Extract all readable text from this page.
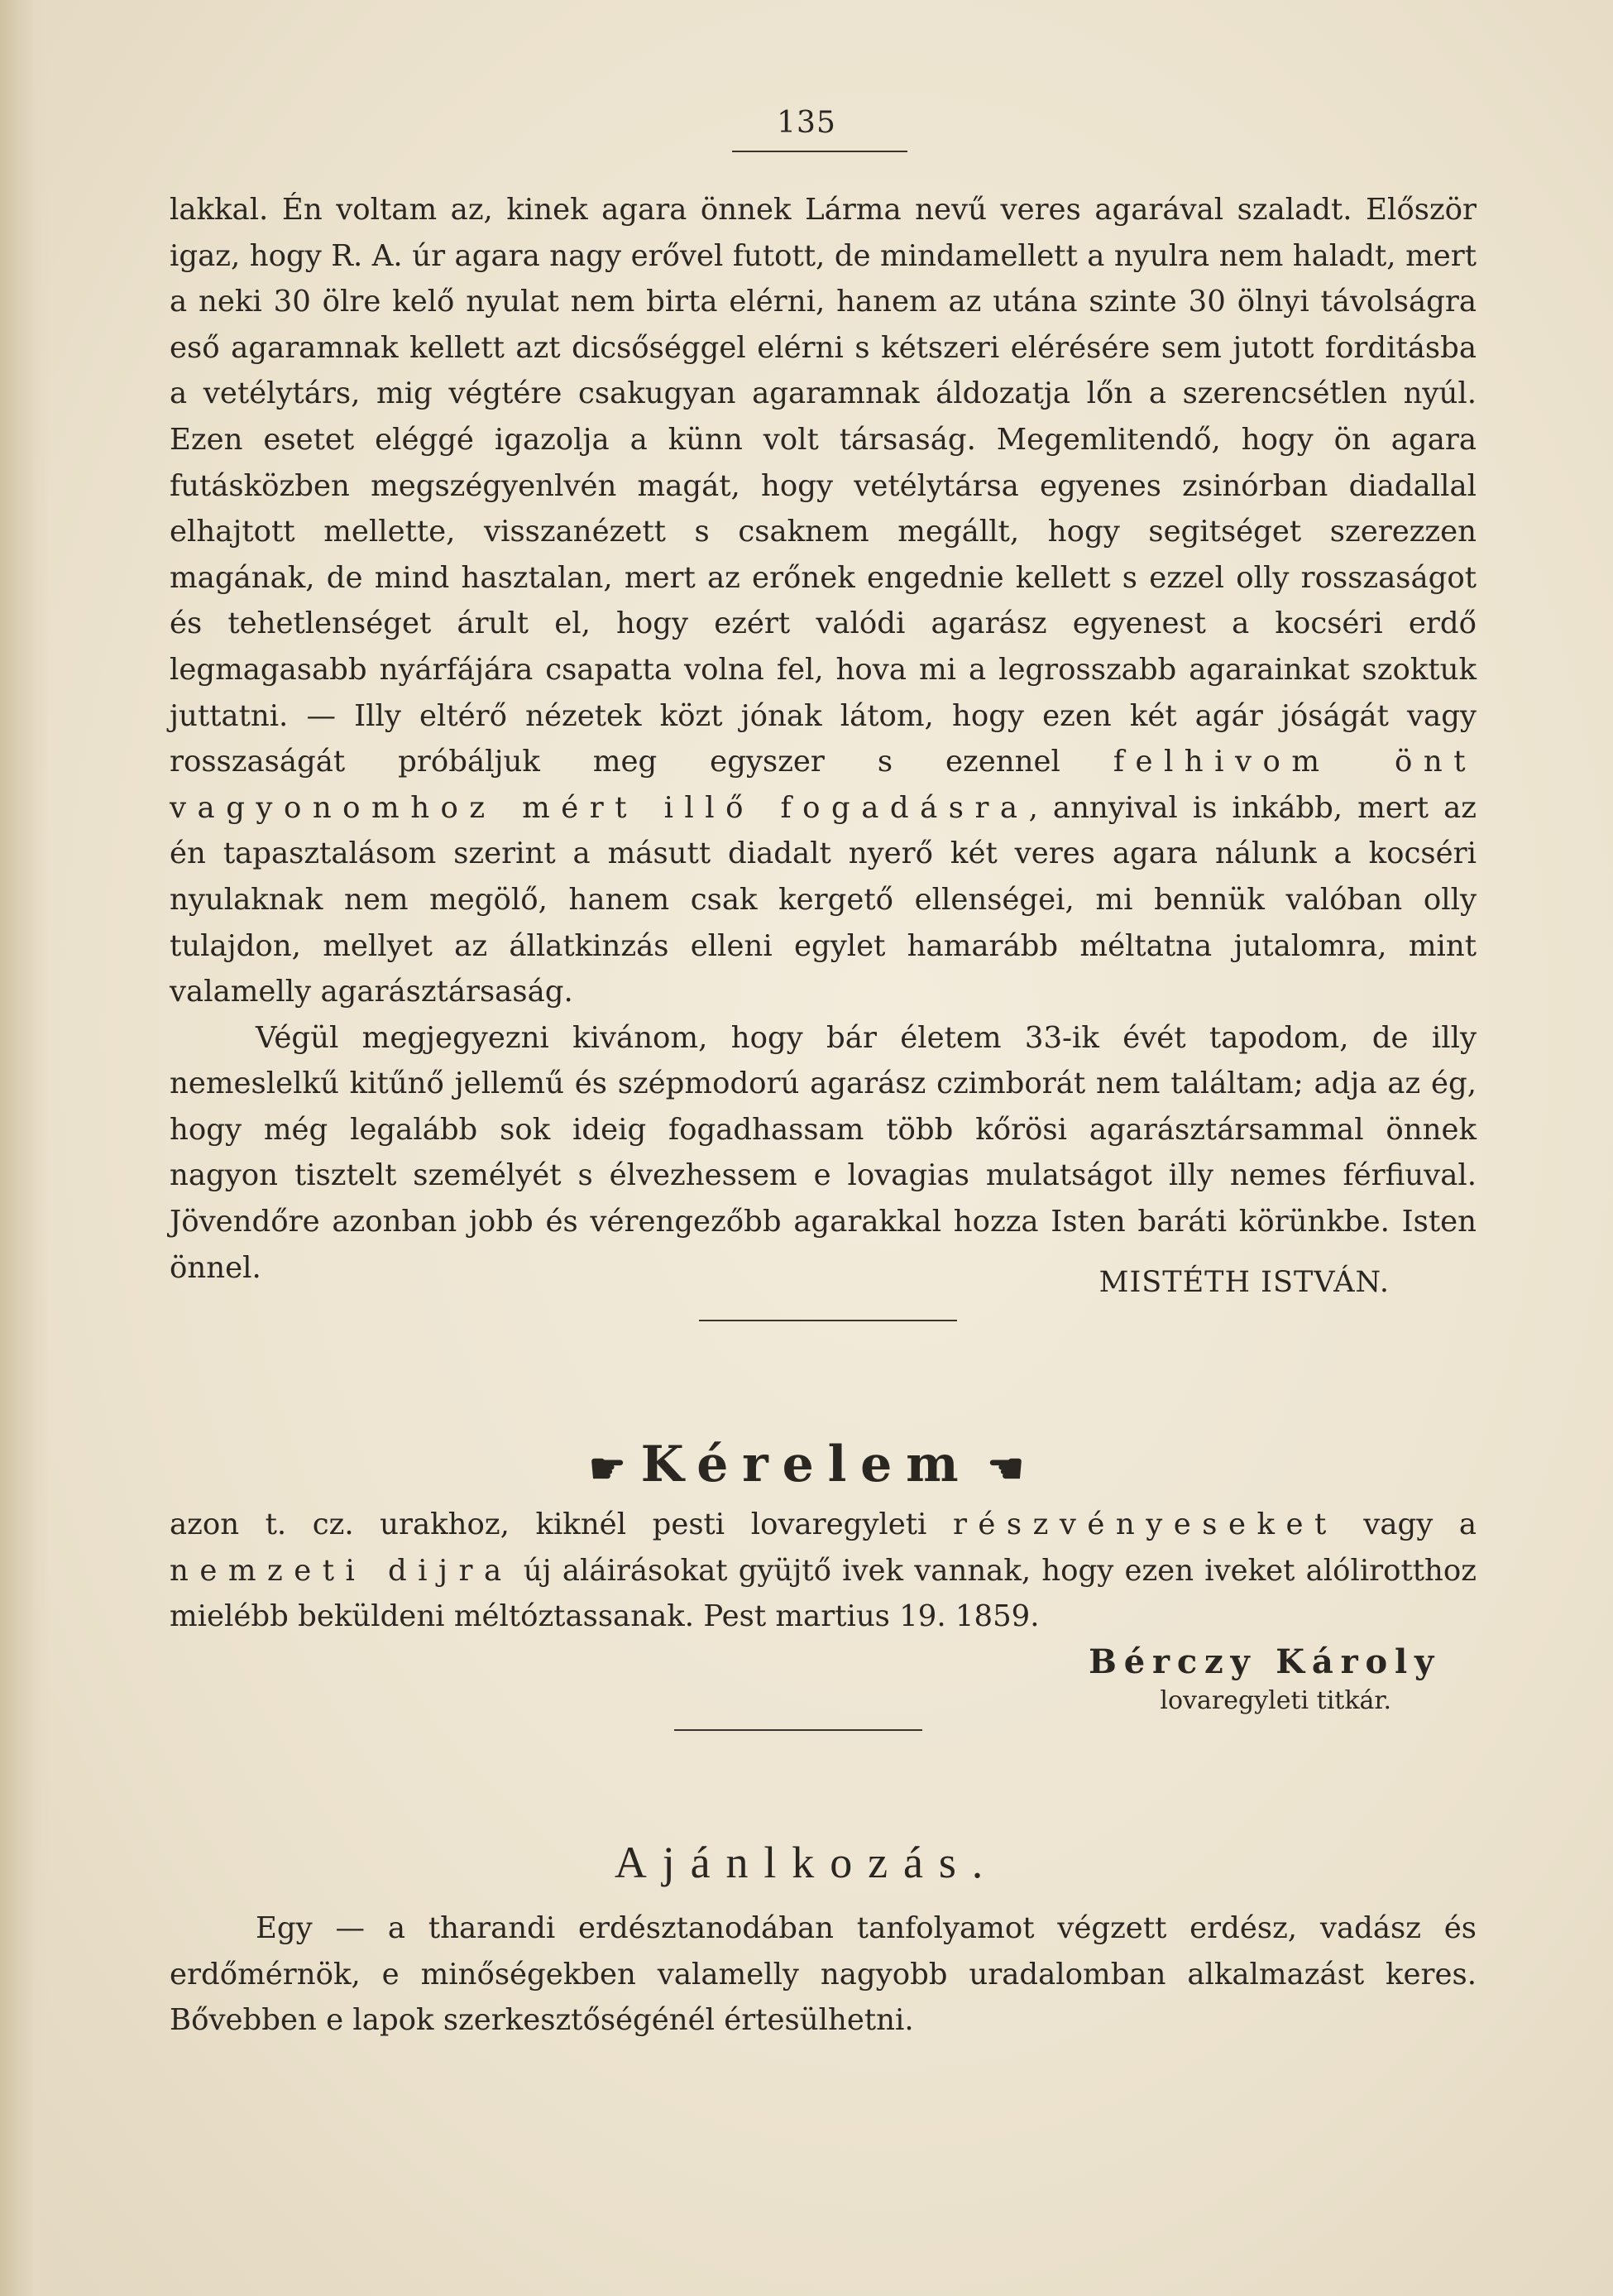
135

lakkal. Én voltam az, kinek agara önnek Lárma nevű veres agarával szaladt. Először igaz, hogy R. A. úr agara nagy erővel futott, de mindamellett a nyulra nem haladt, mert a neki 30 ölre kelő nyulat nem birta elérni, hanem az utána szinte 30 ölnyi távolságra eső agaramnak kellett azt dicsőséggel elérni s kétszeri elérésére sem jutott forditásba a vetélytárs, mig végtére csakugyan agaramnak áldozatja lőn a szerencsétlen nyúl. Ezen esetet eléggé igazolja a künn volt társaság. Megemlitendő, hogy ön agara futásközben megszégyenlvén magát, hogy vetélytársa egyenes zsinórban diadallal elhajtott mellette, visszanézett s csaknem megállt, hogy segitséget szerezzen magának, de mind hasztalan, mert az erőnek engednie kellett s ezzel olly rosszaságot és tehetlenséget árult el, hogy ezért valódi agarász egyenest a kocséri erdő legmagasabb nyárfájára csapatta volna fel, hova mi a legrosszabb agarainkat szoktuk juttatni. — Illy eltérő nézetek közt jónak látom, hogy ezen két agár jóságát vagy rosszaságát próbáljuk meg egyszer s ezennel felhivom önt vagyonomhoz mért illő fogadásra, annyival is inkább, mert az én tapasztalásom szerint a másutt diadalt nyerő két veres agara nálunk a kocséri nyulaknak nem megölő, hanem csak kergető ellenségei, mi bennük valóban olly tulajdon, mellyet az állatkinzás elleni egylet hamarább méltatna jutalomra, mint valamelly agarásztársaság.

Végül megjegyezni kivánom, hogy bár életem 33-ik évét tapodom, de illy nemeslelkű kitűnő jellemű és szépmodorú agarász czimborát nem találtam; adja az ég, hogy még legalább sok ideig fogadhassam több kőrösi agarásztársammal önnek nagyon tisztelt személyét s élvezhessem e lovagias mulatságot illy nemes férfiuval. Jövendőre azonban jobb és vérengezőbb agarakkal hozza Isten baráti körünkbe. Isten önnel.	MISTÉTH ISTVÁN.
☛ Kérelem ☚

azon t. cz. urakhoz, kiknél pesti lovaregyleti részvényeseket vagy a nemzeti dijra új aláirásokat gyüjtő ivek vannak, hogy ezen iveket alólirotthoz mielébb beküldeni méltóztassanak. Pest martius 19. 1859.

Bérczy Károly
lovaregyleti titkár.
Ajánlkozás.

Egy — a tharandi erdésztanodában tanfolyamot végzett erdész, vadász és erdőmérnök, e minőségekben valamelly nagyobb uradalomban alkalmazást keres. Bővebben e lapok szerkesztőségénél értesülhetni.
